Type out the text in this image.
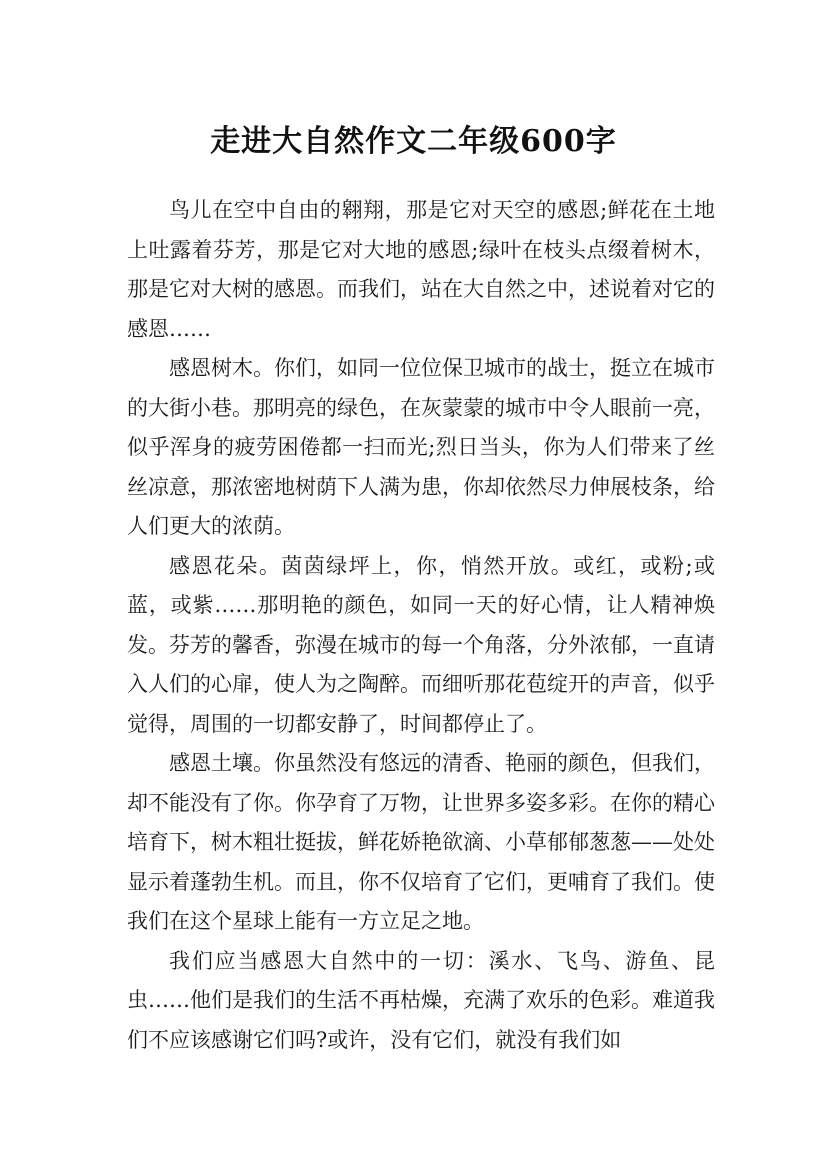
走进大自然作文二年级600字

鸟儿在空中自由的翱翔，那是它对天空的感恩;鲜花在土地上吐露着芬芳，那是它对大地的感恩;绿叶在枝头点缀着树木，那是它对大树的感恩。而我们，站在大自然之中，述说着对它的感恩……

感恩树木。你们，如同一位位保卫城市的战士，挺立在城市的大街小巷。那明亮的绿色，在灰蒙蒙的城市中令人眼前一亮，似乎浑身的疲劳困倦都一扫而光;烈日当头，你为人们带来了丝丝凉意，那浓密地树荫下人满为患，你却依然尽力伸展枝条，给人们更大的浓荫。

感恩花朵。茵茵绿坪上，你，悄然开放。或红，或粉;或蓝，或紫……那明艳的颜色，如同一天的好心情，让人精神焕发。芬芳的馨香，弥漫在城市的每一个角落，分外浓郁，一直请入人们的心扉，使人为之陶醉。而细听那花苞绽开的声音，似乎觉得，周围的一切都安静了，时间都停止了。

感恩土壤。你虽然没有悠远的清香、艳丽的颜色，但我们，却不能没有了你。你孕育了万物，让世界多姿多彩。在你的精心培育下，树木粗壮挺拔，鲜花娇艳欲滴、小草郁郁葱葱——处处显示着蓬勃生机。而且，你不仅培育了它们，更哺育了我们。使我们在这个星球上能有一方立足之地。

我们应当感恩大自然中的一切：溪水、飞鸟、游鱼、昆虫……他们是我们的生活不再枯燥，充满了欢乐的色彩。难道我们不应该感谢它们吗?或许，没有它们，就没有我们如
